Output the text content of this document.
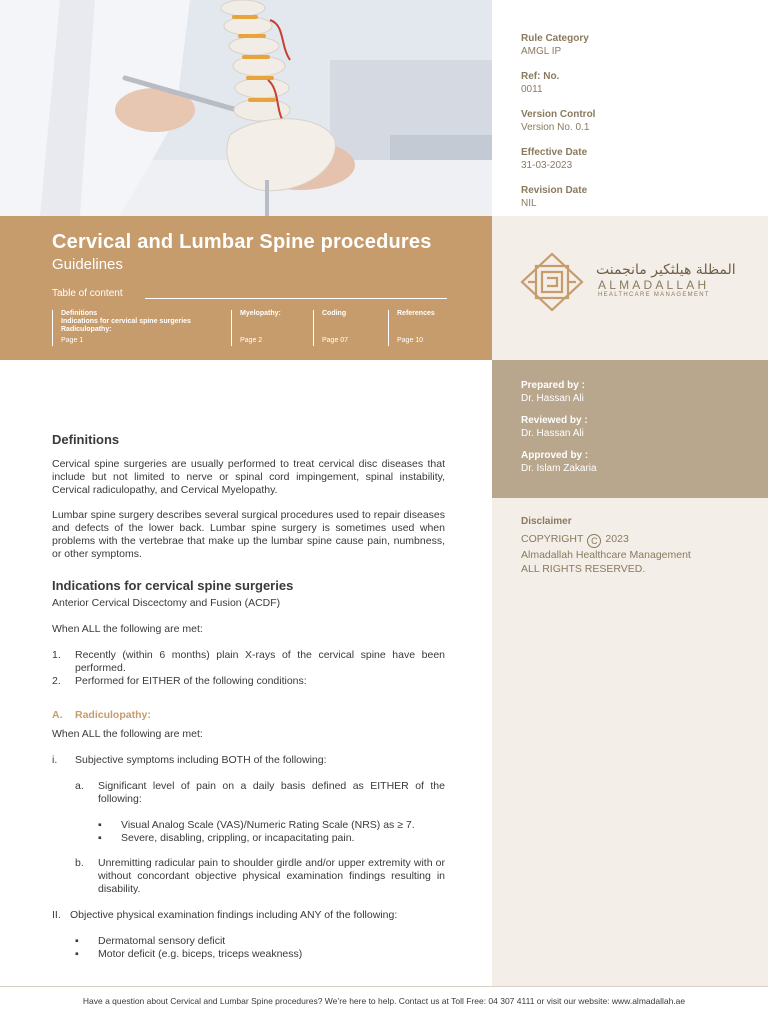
Rule Category
AMGL IP
Ref: No.
0011
Version Control
Version No. 0.1
Effective Date
31-03-2023
Revision Date
NIL
Cervical and Lumbar Spine procedures
Guidelines
Table of content
Definitions
Indications for cervical spine surgeries
Radiculopathy:
Page 1
Myelopathy:
Page 2
Coding
Page 07
References
Page 10
المظلة هيلثكير مانجمنت
ALMADALLAH
HEALTHCARE MANAGEMENT
Prepared by :
Dr. Hassan Ali
Reviewed by :
Dr. Hassan Ali
Approved by :
Dr. Islam Zakaria
Disclaimer
COPYRIGHT C 2023
Almadallah Healthcare Management
ALL RIGHTS RESERVED.
Definitions
Cervical spine surgeries are usually performed to treat cervical disc diseases that include but not limited to nerve or spinal cord impingement, spinal instability, Cervical radiculopathy, and Cervical Myelopathy.
Lumbar spine surgery describes several surgical procedures used to repair diseases and defects of the lower back. Lumbar spine surgery is sometimes used when problems with the vertebrae that make up the lumbar spine cause pain, numbness, or other symptoms.
Indications for cervical spine surgeries
Anterior Cervical Discectomy and Fusion (ACDF)
When ALL the following are met:
1. Recently (within 6 months) plain X-rays of the cervical spine have been performed.
2. Performed for EITHER of the following conditions:
A. Radiculopathy:
When ALL the following are met:
i. Subjective symptoms including BOTH of the following:
a. Significant level of pain on a daily basis defined as EITHER of the following:
▪ Visual Analog Scale (VAS)/Numeric Rating Scale (NRS) as ≥ 7.
▪ Severe, disabling, crippling, or incapacitating pain.
b. Unremitting radicular pain to shoulder girdle and/or upper extremity with or without concordant objective physical examination findings resulting in disability.
II. Objective physical examination findings including ANY of the following:
▪ Dermatomal sensory deficit
▪ Motor deficit (e.g. biceps, triceps weakness)
Have a question about Cervical and Lumbar Spine procedures? We’re here to help. Contact us at Toll Free: 04 307 4111 or visit our website: www.almadallah.ae
